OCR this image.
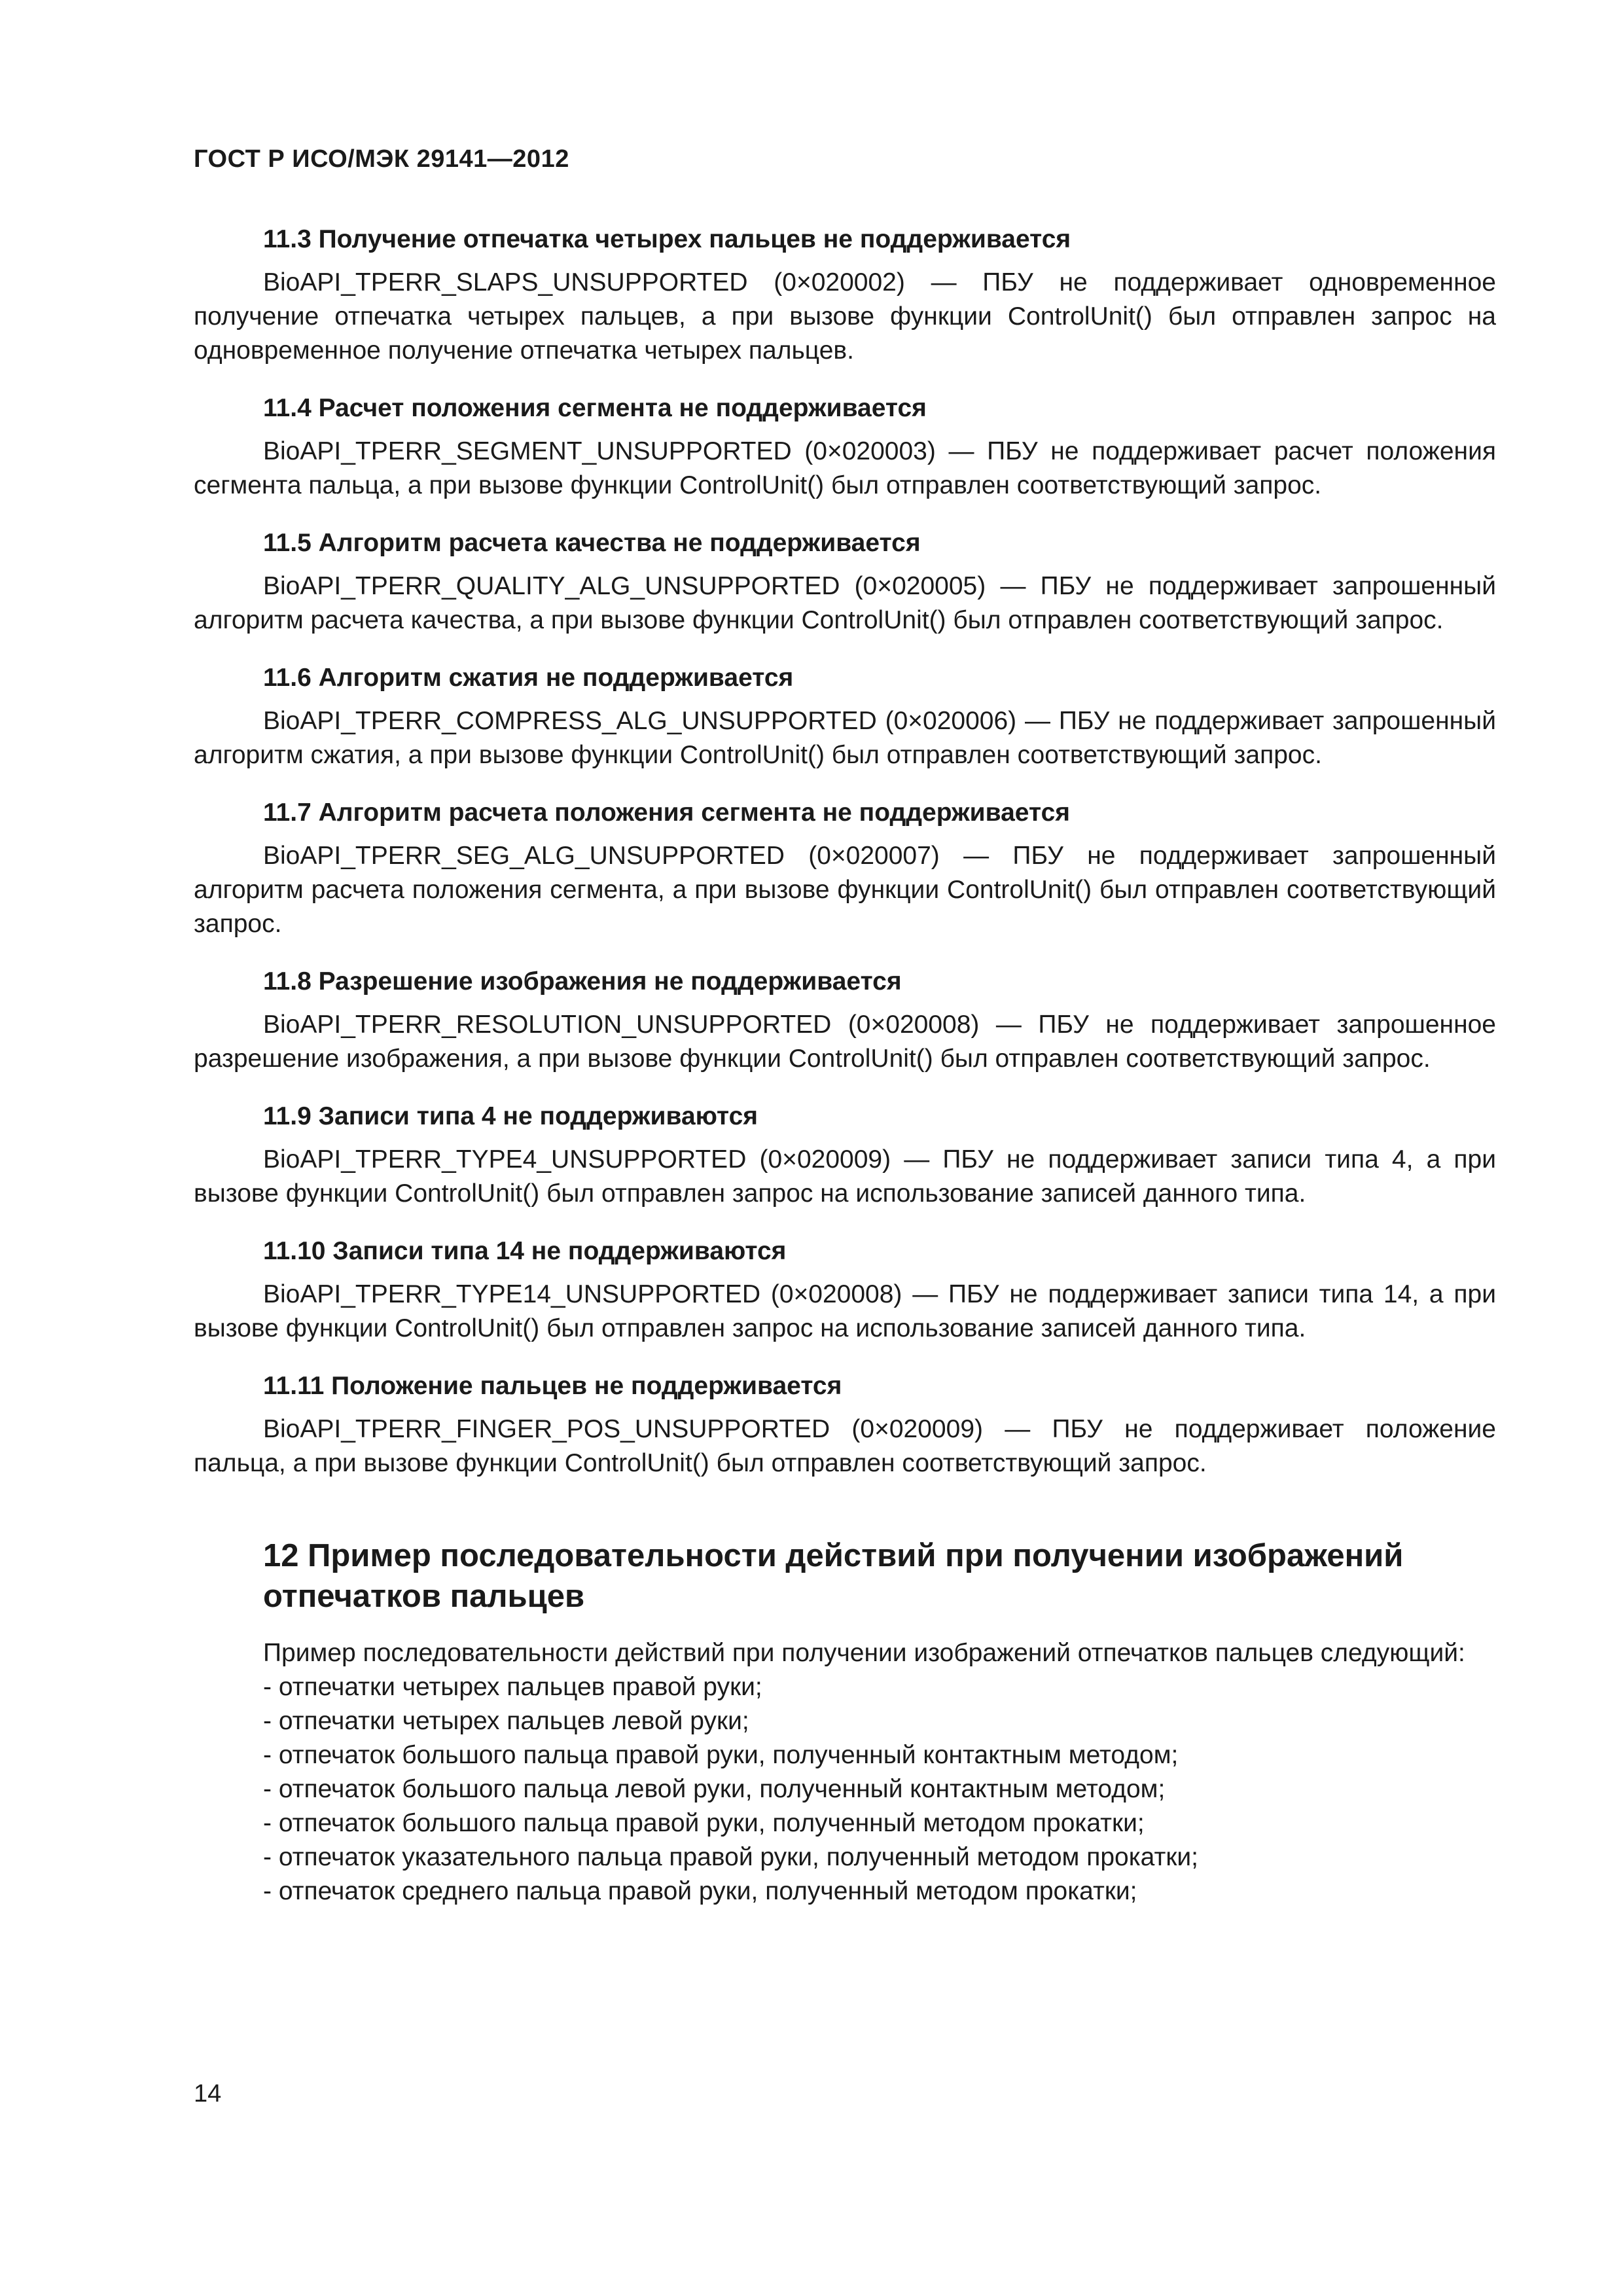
ГОСТ Р ИСО/МЭК 29141—2012
11.3 Получение отпечатка четырех пальцев не поддерживается

BioAPI_TPERR_SLAPS_UNSUPPORTED (0×020002) — ПБУ не поддерживает одновременное получение отпечатка четырех пальцев, а при вызове функции ControlUnit() был отправлен запрос на одновременное получение отпечатка четырех пальцев.

11.4 Расчет положения сегмента не поддерживается

BioAPI_TPERR_SEGMENT_UNSUPPORTED (0×020003) — ПБУ не поддерживает расчет положения сегмента пальца, а при вызове функции ControlUnit() был отправлен соответствующий запрос.

11.5 Алгоритм расчета качества не поддерживается

BioAPI_TPERR_QUALITY_ALG_UNSUPPORTED (0×020005) — ПБУ не поддерживает запрошенный алгоритм расчета качества, а при вызове функции ControlUnit() был отправлен соответствующий запрос.

11.6 Алгоритм сжатия не поддерживается

BioAPI_TPERR_COMPRESS_ALG_UNSUPPORTED (0×020006) — ПБУ не поддерживает запрошенный алгоритм сжатия, а при вызове функции ControlUnit() был отправлен соответствующий запрос.

11.7 Алгоритм расчета положения сегмента не поддерживается

BioAPI_TPERR_SEG_ALG_UNSUPPORTED (0×020007) — ПБУ не поддерживает запрошенный алгоритм расчета положения сегмента, а при вызове функции ControlUnit() был отправлен соответствующий запрос.

11.8 Разрешение изображения не поддерживается

BioAPI_TPERR_RESOLUTION_UNSUPPORTED (0×020008) — ПБУ не поддерживает запрошенное разрешение изображения, а при вызове функции ControlUnit() был отправлен соответствующий запрос.

11.9 Записи типа 4 не поддерживаются

BioAPI_TPERR_TYPE4_UNSUPPORTED (0×020009) — ПБУ не поддерживает записи типа 4, а при вызове функции ControlUnit() был отправлен запрос на использование записей данного типа.

11.10 Записи типа 14 не поддерживаются

BioAPI_TPERR_TYPE14_UNSUPPORTED (0×020008) — ПБУ не поддерживает записи типа 14, а при вызове функции ControlUnit() был отправлен запрос на использование записей данного типа.

11.11 Положение пальцев не поддерживается

BioAPI_TPERR_FINGER_POS_UNSUPPORTED (0×020009) — ПБУ не поддерживает положение пальца, а при вызове функции ControlUnit() был отправлен соответствующий запрос.

12 Пример последовательности действий при получении изображений отпечатков пальцев

Пример последовательности действий при получении изображений отпечатков пальцев следующий:

- отпечатки четырех пальцев правой руки;
- отпечатки четырех пальцев левой руки;
- отпечаток большого пальца правой руки, полученный контактным методом;
- отпечаток большого пальца левой руки, полученный контактным методом;
- отпечаток большого пальца правой руки, полученный методом прокатки;
- отпечаток указательного пальца правой руки, полученный методом прокатки;
- отпечаток среднего пальца правой руки, полученный методом прокатки;
14
